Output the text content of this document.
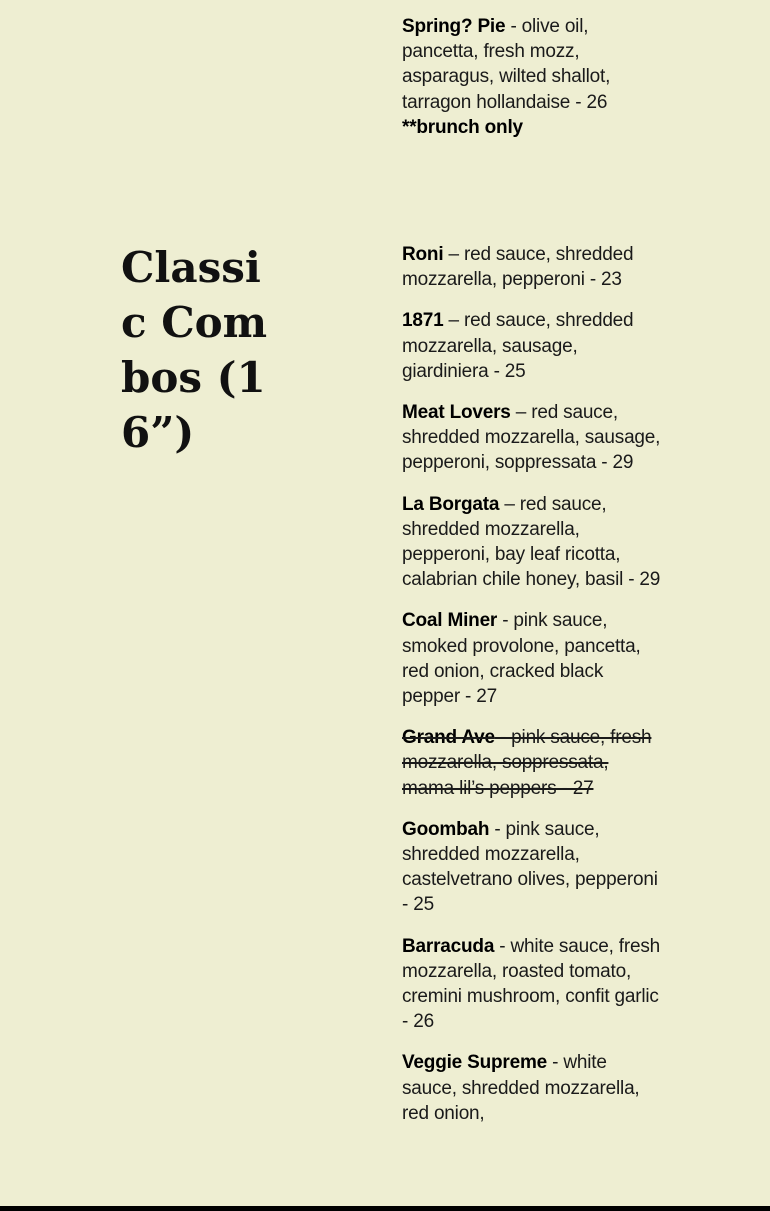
Spring? Pie - olive oil, pancetta, fresh mozz, asparagus, wilted shallot, tarragon hollandaise - 26

**brunch only

Classic Combos (16”)

Roni – red sauce, shredded mozzarella, pepperoni - 23

1871 – red sauce, shredded mozzarella, sausage, giardiniera - 25

Meat Lovers – red sauce, shredded mozzarella, sausage, pepperoni, soppressata - 29

La Borgata – red sauce, shredded mozzarella, pepperoni, bay leaf ricotta, calabrian chile honey, basil - 29

Coal Miner - pink sauce, smoked provolone, pancetta, red onion, cracked black pepper - 27

Grand Ave - pink sauce, fresh mozzarella, soppressata, mama lil’s peppers - 27

Goombah - pink sauce, shredded mozzarella, castelvetrano olives, pepperoni - 25

Barracuda - white sauce, fresh mozzarella, roasted tomato, cremini mushroom, confit garlic - 26

Veggie Supreme - white sauce, shredded mozzarella, red onion,
